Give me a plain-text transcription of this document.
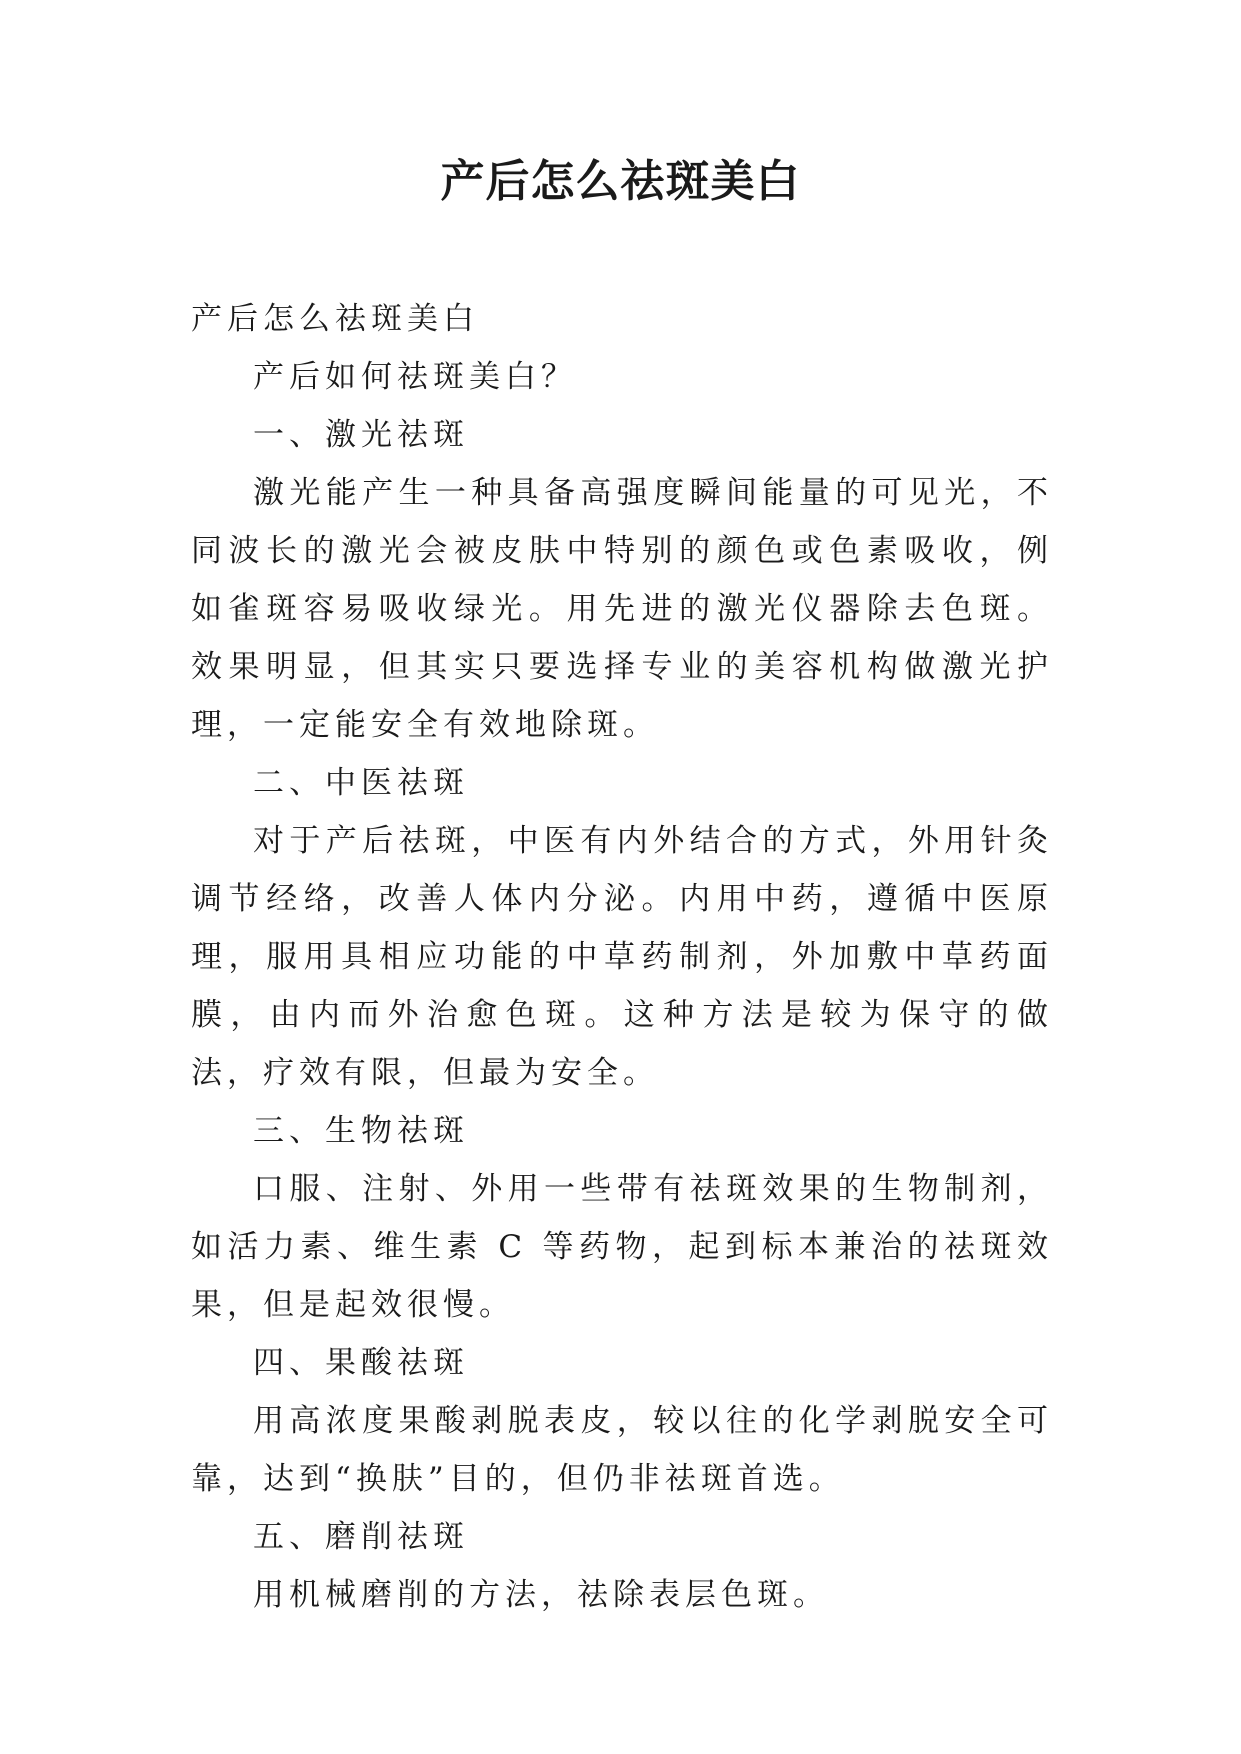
产后怎么祛斑美白

产后怎么祛斑美白

产后如何祛斑美白？

一、激光祛斑

激光能产生一种具备高强度瞬间能量的可见光，不同波长的激光会被皮肤中特别的颜色或色素吸收，例如雀斑容易吸收绿光。用先进的激光仪器除去色斑。效果明显，但其实只要选择专业的美容机构做激光护理，一定能安全有效地除斑。

二、中医祛斑

对于产后祛斑，中医有内外结合的方式，外用针灸调节经络，改善人体内分泌。内用中药，遵循中医原理，服用具相应功能的中草药制剂，外加敷中草药面膜，由内而外治愈色斑。这种方法是较为保守的做法，疗效有限，但最为安全。

三、生物祛斑

口服、注射、外用一些带有祛斑效果的生物制剂，如活力素、维生素 C 等药物，起到标本兼治的祛斑效果，但是起效很慢。

四、果酸祛斑

用高浓度果酸剥脱表皮，较以往的化学剥脱安全可靠，达到“换肤”目的，但仍非祛斑首选。

五、磨削祛斑

用机械磨削的方法，祛除表层色斑。
